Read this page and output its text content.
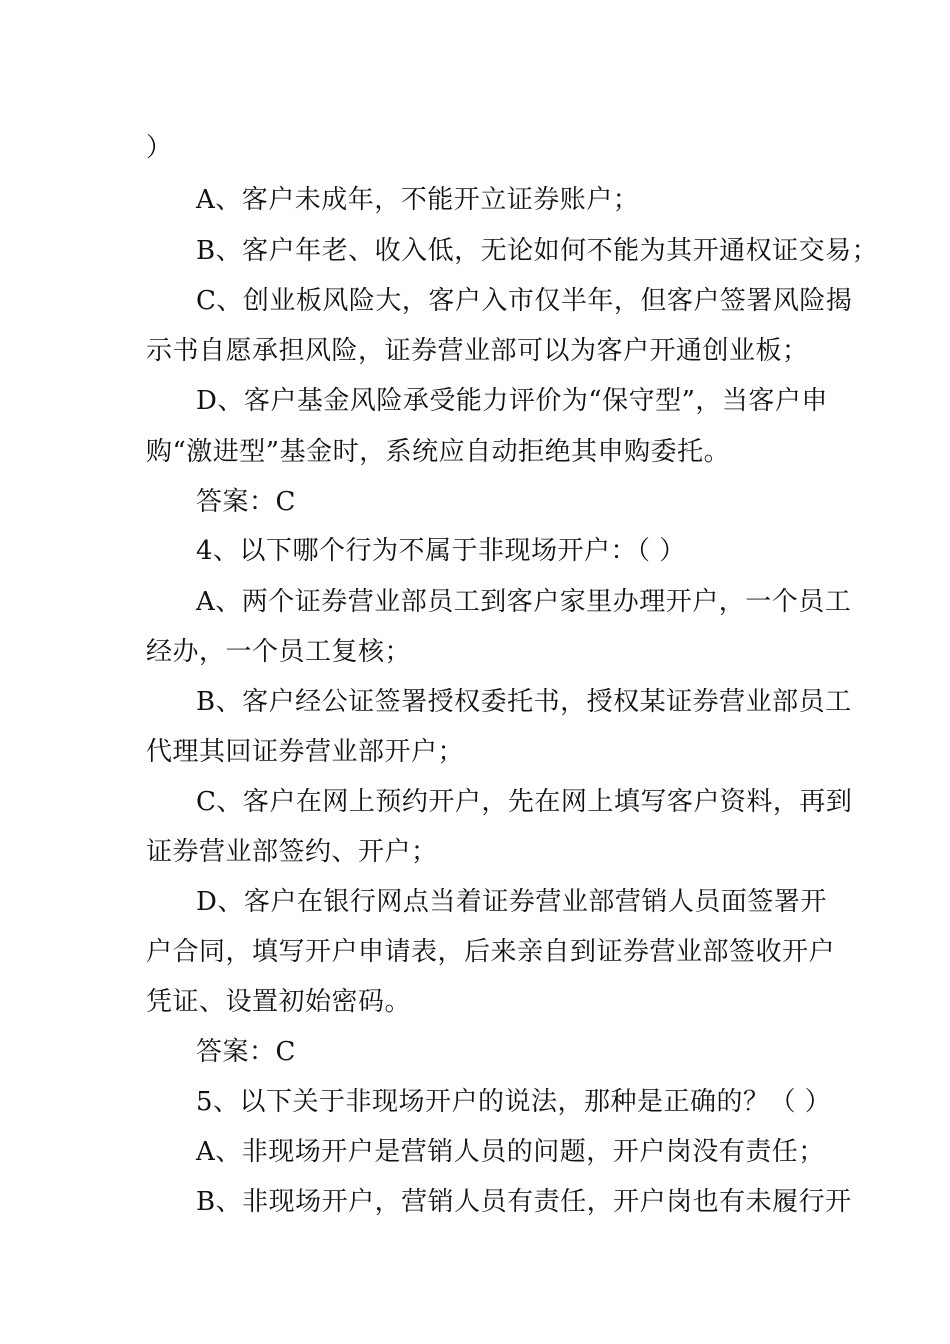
）
A、客户未成年，不能开立证券账户；
B、客户年老、收入低，无论如何不能为其开通权证交易；
C、创业板风险大，客户入市仅半年，但客户签署风险揭
示书自愿承担风险，证券营业部可以为客户开通创业板；
D、客户基金风险承受能力评价为“保守型”，当客户申
购“激进型”基金时，系统应自动拒绝其申购委托。
答案：C
4、以下哪个行为不属于非现场开户：（ ）
A、两个证券营业部员工到客户家里办理开户，一个员工
经办，一个员工复核；
B、客户经公证签署授权委托书，授权某证券营业部员工
代理其回证券营业部开户；
C、客户在网上预约开户，先在网上填写客户资料，再到
证券营业部签约、开户；
D、客户在银行网点当着证券营业部营销人员面签署开
户合同，填写开户申请表，后来亲自到证券营业部签收开户
凭证、设置初始密码。
答案：C
5、以下关于非现场开户的说法，那种是正确的？（ ）
A、非现场开户是营销人员的问题，开户岗没有责任；
B、非现场开户，营销人员有责任，开户岗也有未履行开
